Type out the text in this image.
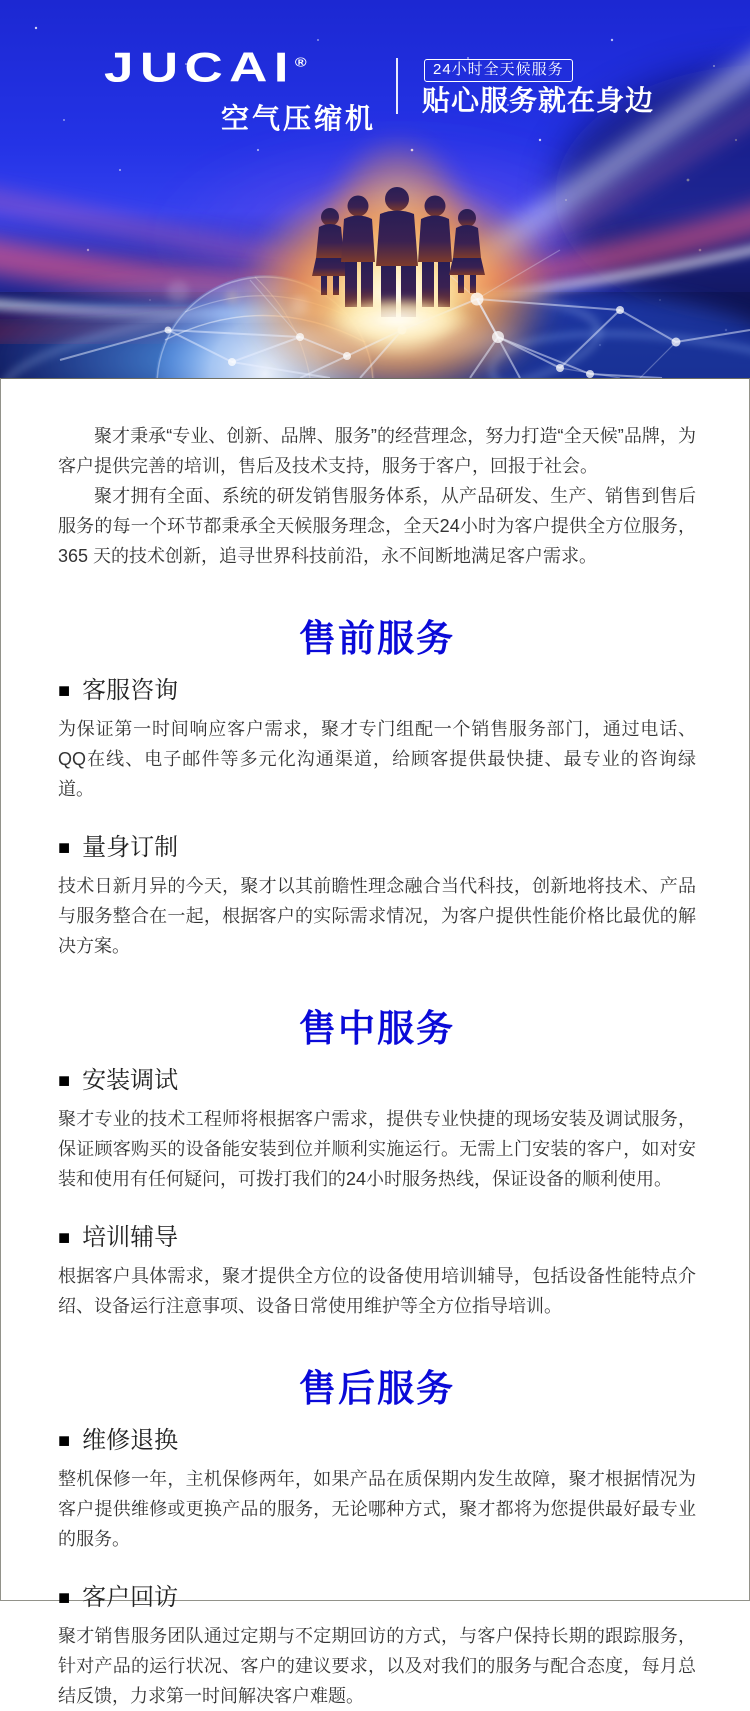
JUCAI®
空气压缩机
24小时全天候服务
贴心服务就在身边

聚才秉承“专业、创新、品牌、服务”的经营理念，努力打造“全天候”品牌，为客户提供完善的培训，售后及技术支持，服务于客户，回报于社会。

聚才拥有全面、系统的研发销售服务体系，从产品研发、生产、销售到售后服务的每一个环节都秉承全天候服务理念，全天24小时为客户提供全方位服务，365 天的技术创新，追寻世界科技前沿，永不间断地满足客户需求。

售前服务
■ 客服咨询

为保证第一时间响应客户需求，聚才专门组配一个销售服务部门，通过电话、QQ在线、电子邮件等多元化沟通渠道，给顾客提供最快捷、最专业的咨询绿道。

■ 量身订制

技术日新月异的今天，聚才以其前瞻性理念融合当代科技，创新地将技术、产品与服务整合在一起，根据客户的实际需求情况，为客户提供性能价格比最优的解决方案。

售中服务
■ 安装调试

聚才专业的技术工程师将根据客户需求，提供专业快捷的现场安装及调试服务，保证顾客购买的设备能安装到位并顺利实施运行。无需上门安装的客户，如对安装和使用有任何疑问，可拨打我们的24小时服务热线，保证设备的顺利使用。

■ 培训辅导

根据客户具体需求，聚才提供全方位的设备使用培训辅导，包括设备性能特点介绍、设备运行注意事项、设备日常使用维护等全方位指导培训。

售后服务
■ 维修退换

整机保修一年，主机保修两年，如果产品在质保期内发生故障，聚才根据情况为客户提供维修或更换产品的服务，无论哪种方式，聚才都将为您提供最好最专业的服务。

■ 客户回访

聚才销售服务团队通过定期与不定期回访的方式，与客户保持长期的跟踪服务，针对产品的运行状况、客户的建议要求，以及对我们的服务与配合态度，每月总结反馈，力求第一时间解决客户难题。
